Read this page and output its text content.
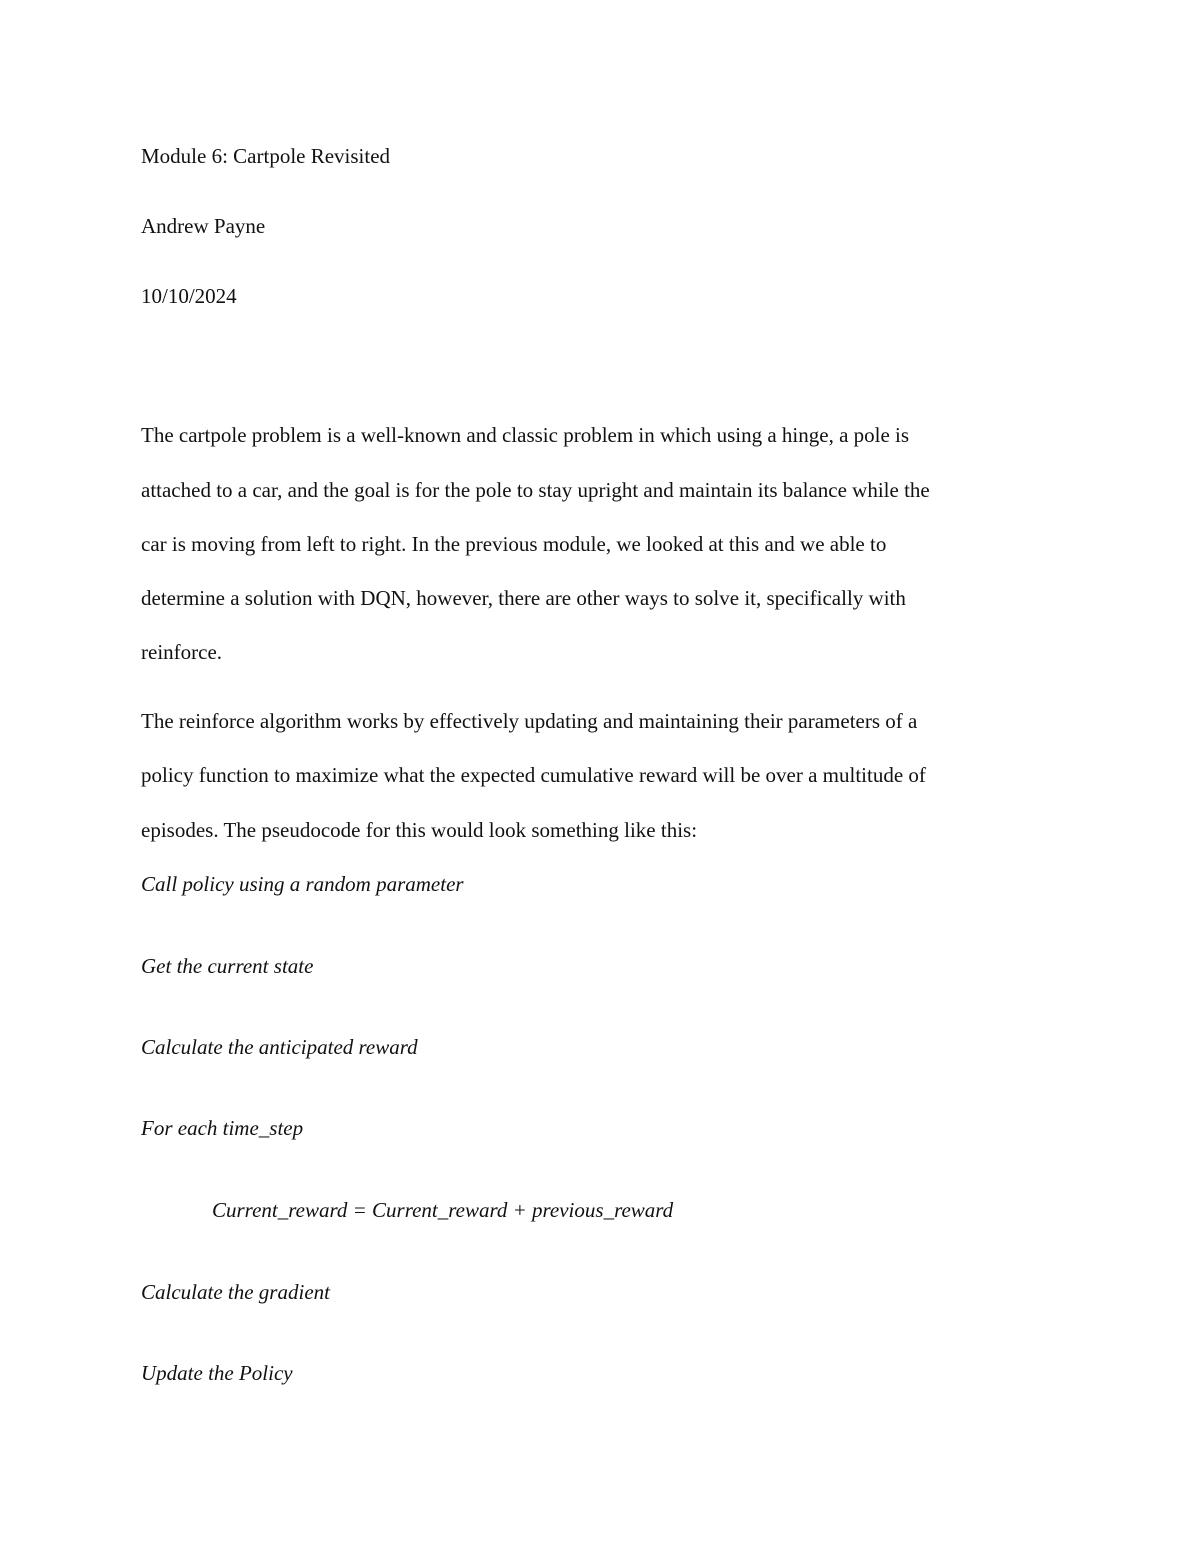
Module 6: Cartpole Revisited

Andrew Payne

10/10/2024

The cartpole problem is a well-known and classic problem in which using a hinge, a pole is

attached to a car, and the goal is for the pole to stay upright and maintain its balance while the

car is moving from left to right. In the previous module, we looked at this and we able to

determine a solution with DQN, however, there are other ways to solve it, specifically with

reinforce.

The reinforce algorithm works by effectively updating and maintaining their parameters of a

policy function to maximize what the expected cumulative reward will be over a multitude of

episodes. The pseudocode for this would look something like this:

Call policy using a random parameter

Get the current state

Calculate the anticipated reward

For each time_step

Current_reward = Current_reward + previous_reward

Calculate the gradient

Update the Policy
